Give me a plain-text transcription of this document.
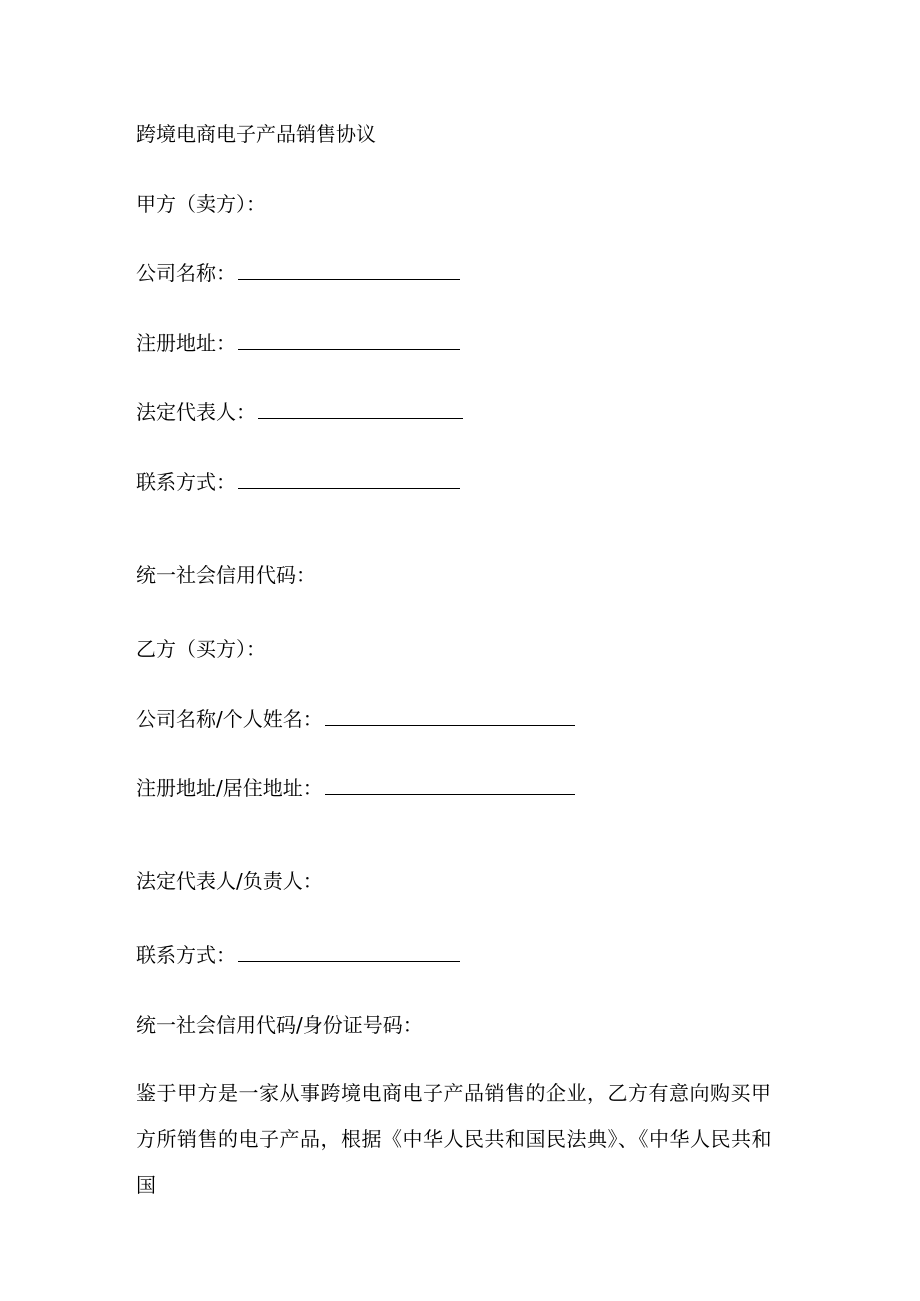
跨境电商电子产品销售协议
甲方（卖方）：
公司名称：
注册地址：
法定代表人：
联系方式：
统一社会信用代码：
乙方（买方）：
公司名称/个人姓名：
注册地址/居住地址：
法定代表人/负责人：
联系方式：
统一社会信用代码/身份证号码：
鉴于甲方是一家从事跨境电商电子产品销售的企业，乙方有意向购买甲方所销售的电子产品，根据《中华人民共和国民法典》、《中华人民共和国
